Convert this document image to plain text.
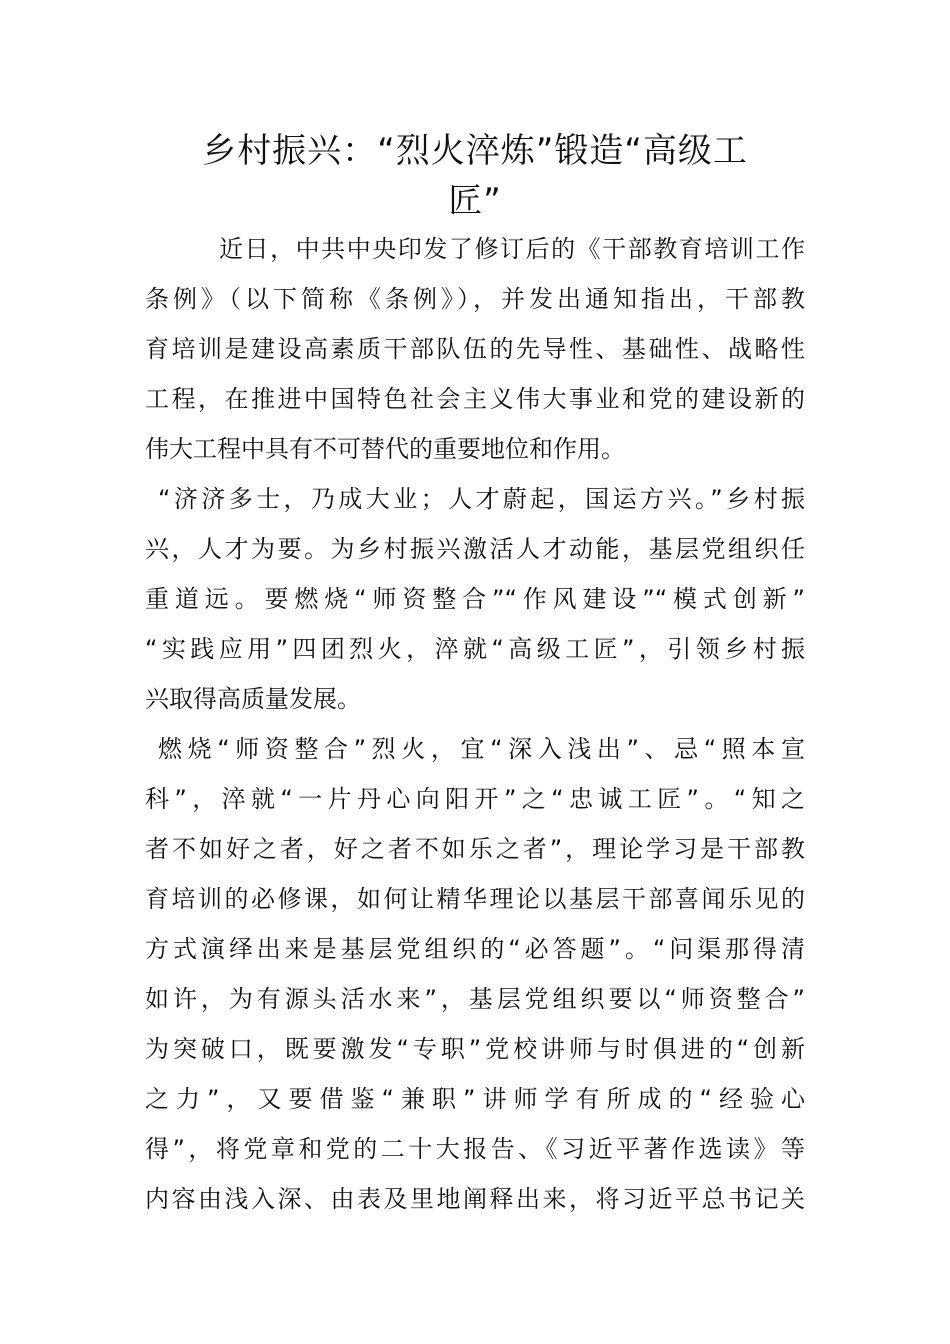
乡村振兴：“烈火淬炼”锻造“高级工
匠”
近日，中共中央印发了修订后的《干部教育培训工作
条例》（以下简称《条例》），并发出通知指出，干部教
育培训是建设高素质干部队伍的先导性、基础性、战略性
工程，在推进中国特色社会主义伟大事业和党的建设新的
伟大工程中具有不可替代的重要地位和作用。
“济济多士，乃成大业；人才蔚起，国运方兴。”乡村振
兴，人才为要。为乡村振兴激活人才动能，基层党组织任
重道远。要燃烧“师资整合”“作风建设”“模式创新”
“实践应用”四团烈火，淬就“高级工匠”，引领乡村振
兴取得高质量发展。
燃烧“师资整合”烈火，宜“深入浅出”、忌“照本宣
科”，淬就“一片丹心向阳开”之“忠诚工匠”。“知之
者不如好之者，好之者不如乐之者”，理论学习是干部教
育培训的必修课，如何让精华理论以基层干部喜闻乐见的
方式演绎出来是基层党组织的“必答题”。“问渠那得清
如许，为有源头活水来”，基层党组织要以“师资整合”
为突破口，既要激发“专职”党校讲师与时俱进的“创新
之力”，又要借鉴“兼职”讲师学有所成的“经验心
得”，将党章和党的二十大报告、《习近平著作选读》等
内容由浅入深、由表及里地阐释出来，将习近平总书记关
